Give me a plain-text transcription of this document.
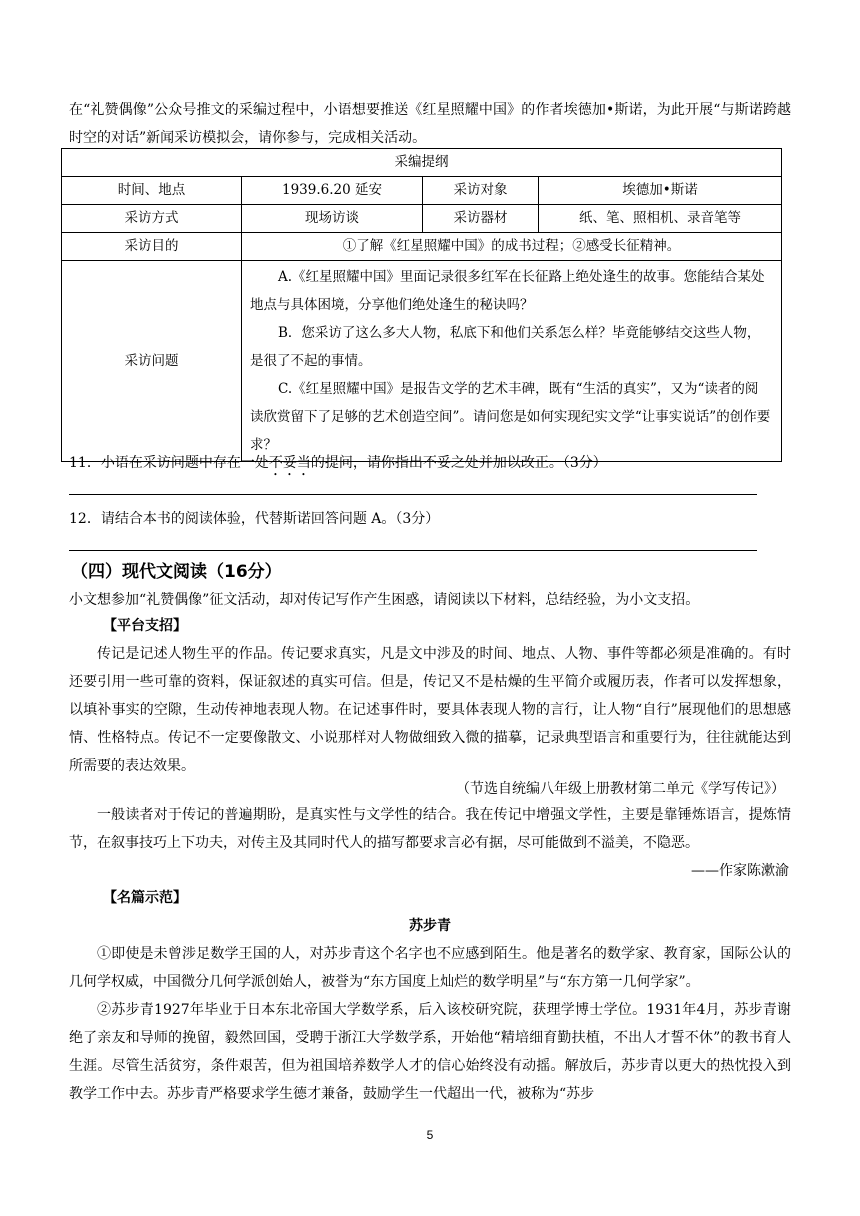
在“礼赞偶像”公众号推文的采编过程中，小语想要推送《红星照耀中国》的作者埃德加•斯诺，为此开展“与斯诺跨越时空的对话”新闻采访模拟会，请你参与，完成相关活动。

采编提纲			
时间、地点	1939.6.20 延安	采访对象	埃德加•斯诺
采访方式	现场访谈	采访器材	纸、笔、照相机、录音笔等
采访目的	①了解《红星照耀中国》的成书过程；②感受长征精神。		
采访问题	A.《红星照耀中国》里面记录很多红军在长征路上绝处逢生的故事。您能结合某处地点与具体困境，分享他们绝处逢生的秘诀吗？
B．您采访了这么多大人物，私底下和他们关系怎么样？毕竟能够结交这些人物，是很了不起的事情。
C.《红星照耀中国》是报告文学的艺术丰碑，既有“生活的真实”，又为“读者的阅读欣赏留下了足够的艺术创造空间”。请问您是如何实现纪实文学“让事实说话”的创作要求？		

11．小语在采访问题中存在一处不妥当的提问，请你指出不妥之处并加以改正。（3分）

12．请结合本书的阅读体验，代替斯诺回答问题 A。（3分）

（四）现代文阅读（16分）

小文想参加“礼赞偶像”征文活动，却对传记写作产生困惑，请阅读以下材料，总结经验，为小文支招。

【平台支招】

传记是记述人物生平的作品。传记要求真实，凡是文中涉及的时间、地点、人物、事件等都必须是准确的。有时还要引用一些可靠的资料，保证叙述的真实可信。但是，传记又不是枯燥的生平简介或履历表，作者可以发挥想象，以填补事实的空隙，生动传神地表现人物。在记述事件时，要具体表现人物的言行，让人物“自行”展现他们的思想感情、性格特点。传记不一定要像散文、小说那样对人物做细致入微的描摹，记录典型语言和重要行为，往往就能达到所需要的表达效果。

（节选自统编八年级上册教材第二单元《学写传记》）

一般读者对于传记的普遍期盼，是真实性与文学性的结合。我在传记中增强文学性，主要是靠锤炼语言，提炼情节，在叙事技巧上下功夫，对传主及其同时代人的描写都要求言必有据，尽可能做到不溢美，不隐恶。

——作家陈漱渝
【名篇示范】
苏步青

①即使是未曾涉足数学王国的人，对苏步青这个名字也不应感到陌生。他是著名的数学家、教育家，国际公认的几何学权威，中国微分几何学派创始人，被誉为“东方国度上灿烂的数学明星”与“东方第一几何学家”。

②苏步青1927年毕业于日本东北帝国大学数学系，后入该校研究院，获理学博士学位。1931年4月，苏步青谢绝了亲友和导师的挽留，毅然回国，受聘于浙江大学数学系，开始他“精培细育勤扶植，不出人才誓不休”的教书育人生涯。尽管生活贫穷，条件艰苦，但为祖国培养数学人才的信心始终没有动摇。解放后，苏步青以更大的热忱投入到教学工作中去。苏步青严格要求学生德才兼备，鼓励学生一代超出一代，被称为“苏步

5
